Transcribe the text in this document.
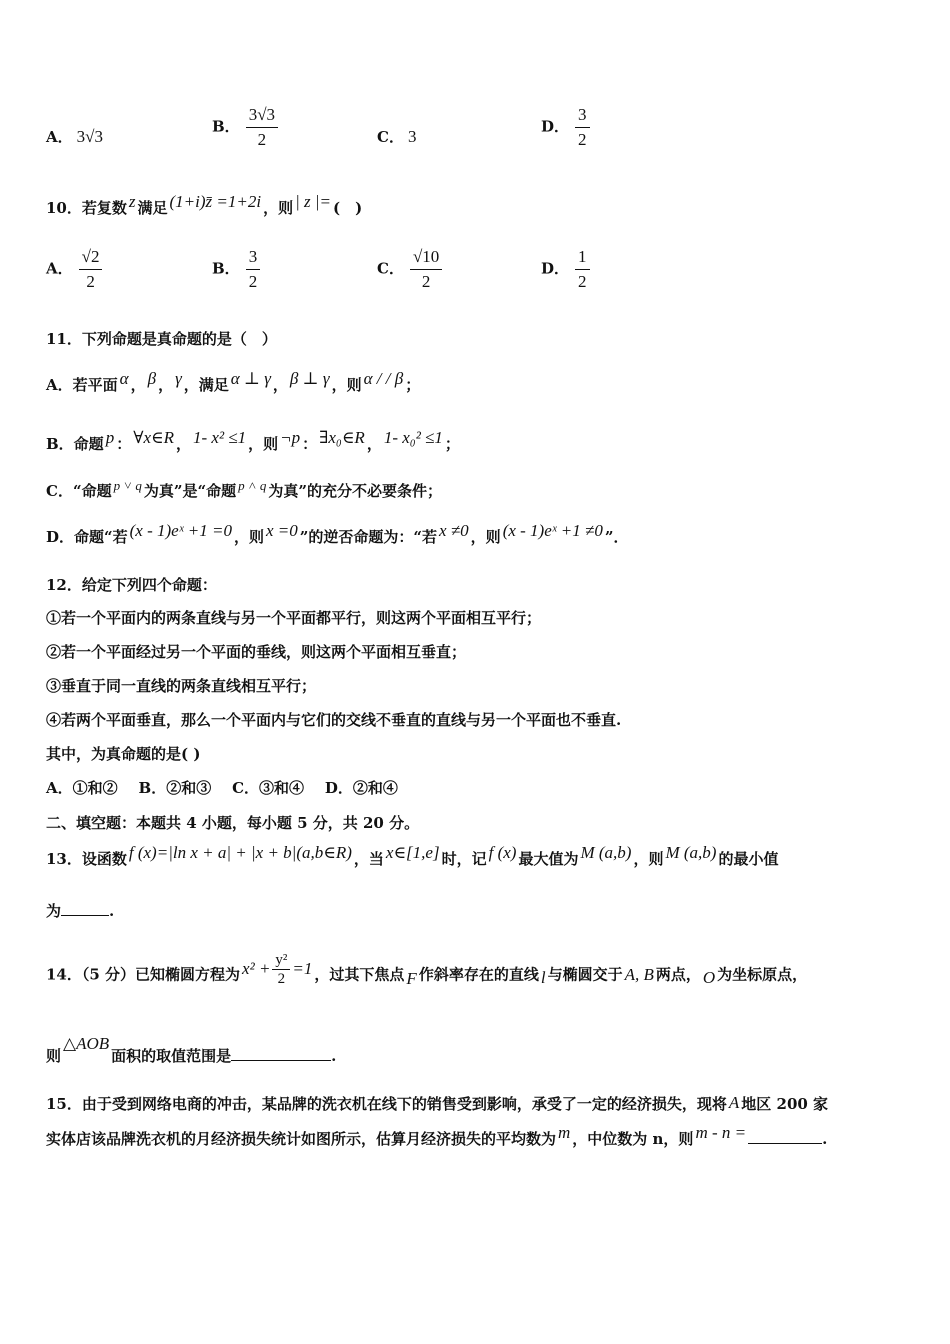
A． 3√3
B． $\frac{3√3}{2}$	C． 3
D． $\frac{3}{2}$
10．若复数 z 满足 (1+i)z̄ =1+2i ，则 | z |= (　)
A． $\frac{√2}{2}$	B． $\frac{3}{2}$	C． $\frac{√10}{2}$	D． $\frac{1}{2}$
11．下列命题是真命题的是（　）
A．若平面 α ， β ， γ ，满足 α ⊥ γ ， β ⊥ γ ，则 α / / β ；
B．命题 p ： ∀x∈R ， 1- x² ≤1 ，则 ¬p ： ∃x₀∈R ， 1- x₀² ≤1 ；
C．“命题 p ˅ q 为真”是“命题 p ˄ q 为真”的充分不必要条件；
D．命题“若 (x - 1)eˣ +1 =0 ，则 x =0 ”的逆否命题为：“若 x ≠0 ，则 (x - 1)eˣ +1 ≠0 ”．
12．给定下列四个命题：
①若一个平面内的两条直线与另一个平面都平行，则这两个平面相互平行；
②若一个平面经过另一个平面的垂线，则这两个平面相互垂直；
③垂直于同一直线的两条直线相互平行；
④若两个平面垂直，那么一个平面内与它们的交线不垂直的直线与另一个平面也不垂直.
其中，为真命题的是( )
A．①和②    B．②和③    C．③和④    D．②和④
二、填空题：本题共 4 小题，每小题 5 分，共 20 分。
13．设函数 f (x)=|ln x + a| + |x + b|(a,b∈R) ，当 x∈[1,e] 时，记 f (x) 最大值为 M (a,b) ，则 M (a,b) 的最小值
为	.
14．（5 分）已知椭圆方程为 $x^2 + \frac{\text{y²}}{2} =1$ ，过其下焦点 F 作斜率存在的直线 l 与椭圆交于 A, B 两点， O 为坐标原点，
则△AOB面积的取值范围是	.
15．由于受到网络电商的冲击，某品牌的洗衣机在线下的销售受到影响，承受了一定的经济损失，现将 A 地区 200 家
实体店该品牌洗衣机的月经济损失统计如图所示，估算月经济损失的平均数为 m ，中位数为 n，则 m - n =	.
